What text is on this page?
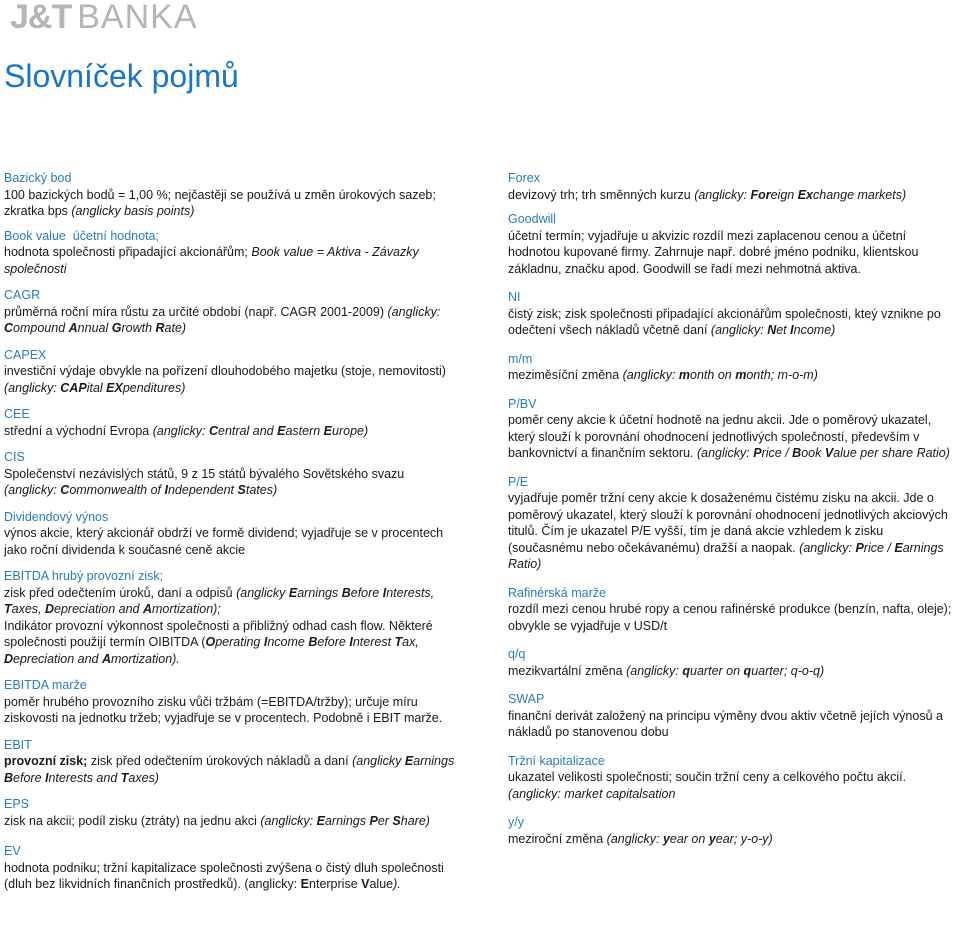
J&T BANKA
Slovníček pojmů
Bazický bod
100 bazických bodů = 1,00 %; nejčastěji se používá u změn úrokových sazeb; zkratka bps (anglicky basis points)
Book value  účetní hodnota;
hodnota společnosti připadající akcionářům; Book value = Aktiva - Závazky společnosti
CAGR
průměrná roční míra růstu za určité období (např. CAGR 2001-2009) (anglicky: Compound Annual Growth Rate)
CAPEX
investiční výdaje obvykle na pořízení dlouhodobého majetku (stoje, nemovitosti) (anglicky: CAPital EXpenditures)
CEE
střední a východní Evropa (anglicky: Central and Eastern Europe)
CIS
Společenství nezávislých států, 9 z 15 států bývalého Sovětského svazu (anglicky: Commonwealth of Independent States)
Dividendový výnos
výnos akcie, který akcionář obdrží ve formě dividend; vyjadřuje se v procentech jako roční dividenda k současné ceně akcie
EBITDA hrubý provozní zisk;
zisk před odečtením úroků, daní a odpisů (anglicky Earnings Before Interests, Taxes, Depreciation and Amortization);
Indikátor provozní výkonnost společnosti a přibližný odhad cash flow. Některé společnosti použijí termín OIBITDA (Operating Income Before Interest Tax, Depreciation and Amortization).
EBITDA marže
poměr hrubého provozního zisku vůči tržbám (=EBITDA/tržby); určuje míru ziskovosti na jednotku tržeb; vyjadřuje se v procentech. Podobně i EBIT marže.
EBIT
provozní zisk; zisk před odečtením úrokových nákladů a daní (anglicky Earnings Before Interests and Taxes)
EPS
zisk na akcii; podíl zisku (ztráty) na jednu akci (anglicky: Earnings Per Share)
EV
hodnota podniku; tržní kapitalizace společnosti zvýšena o čistý dluh společnosti (dluh bez likvidních finančních prostředků). (anglicky: Enterprise Value).
Forex
devizový trh; trh směnných kurzu (anglicky: Foreign Exchange markets)
Goodwill
účetní termín; vyjadřuje u akvizic rozdíl mezi zaplacenou cenou a účetní hodnotou kupované firmy. Zahrnuje např. dobré jméno podniku, klientskou základnu, značku apod. Goodwill se řadí mezi nehmotná aktiva.
NI
čistý zisk; zisk společnosti připadající akcionářům společnosti, kteý vznikne po odečtení všech nákladů včetně daní (anglicky: Net Income)
m/m
meziměsíční změna (anglicky: month on month; m-o-m)
P/BV
poměr ceny akcie k účetní hodnotě na jednu akcii. Jde o poměrový ukazatel, který slouží k porovnání ohodnocení jednotlivých společností, především v bankovnictví a finančním sektoru. (anglicky: Price / Book Value per share Ratio)
P/E
vyjadřuje poměr tržní ceny akcie k dosaženému čistému zisku na akcii. Jde o poměrový ukazatel, který slouží k porovnání ohodnocení jednotlivých akciových titulů. Čím je ukazatel P/E vyšší, tím je daná akcie vzhledem k zisku (současnému nebo očekávanému) dražší a naopak. (anglicky: Price / Earnings Ratio)
Rafinérská marže
rozdíl mezi cenou hrubé ropy a cenou rafinérské produkce (benzín, nafta, oleje); obvykle se vyjadřuje v USD/t
q/q
mezikvartální změna (anglicky: quarter on quarter; q-o-q)
SWAP
finanční derivát založený na principu výměny dvou aktiv včetně jejích výnosů a nákladů po stanovenou dobu
Tržní kapitalizace
ukazatel velikosti společnosti; součin tržní ceny a celkového počtu akcií. (anglicky: market capitalsation
y/y
meziroční změna (anglicky: year on year; y-o-y)
